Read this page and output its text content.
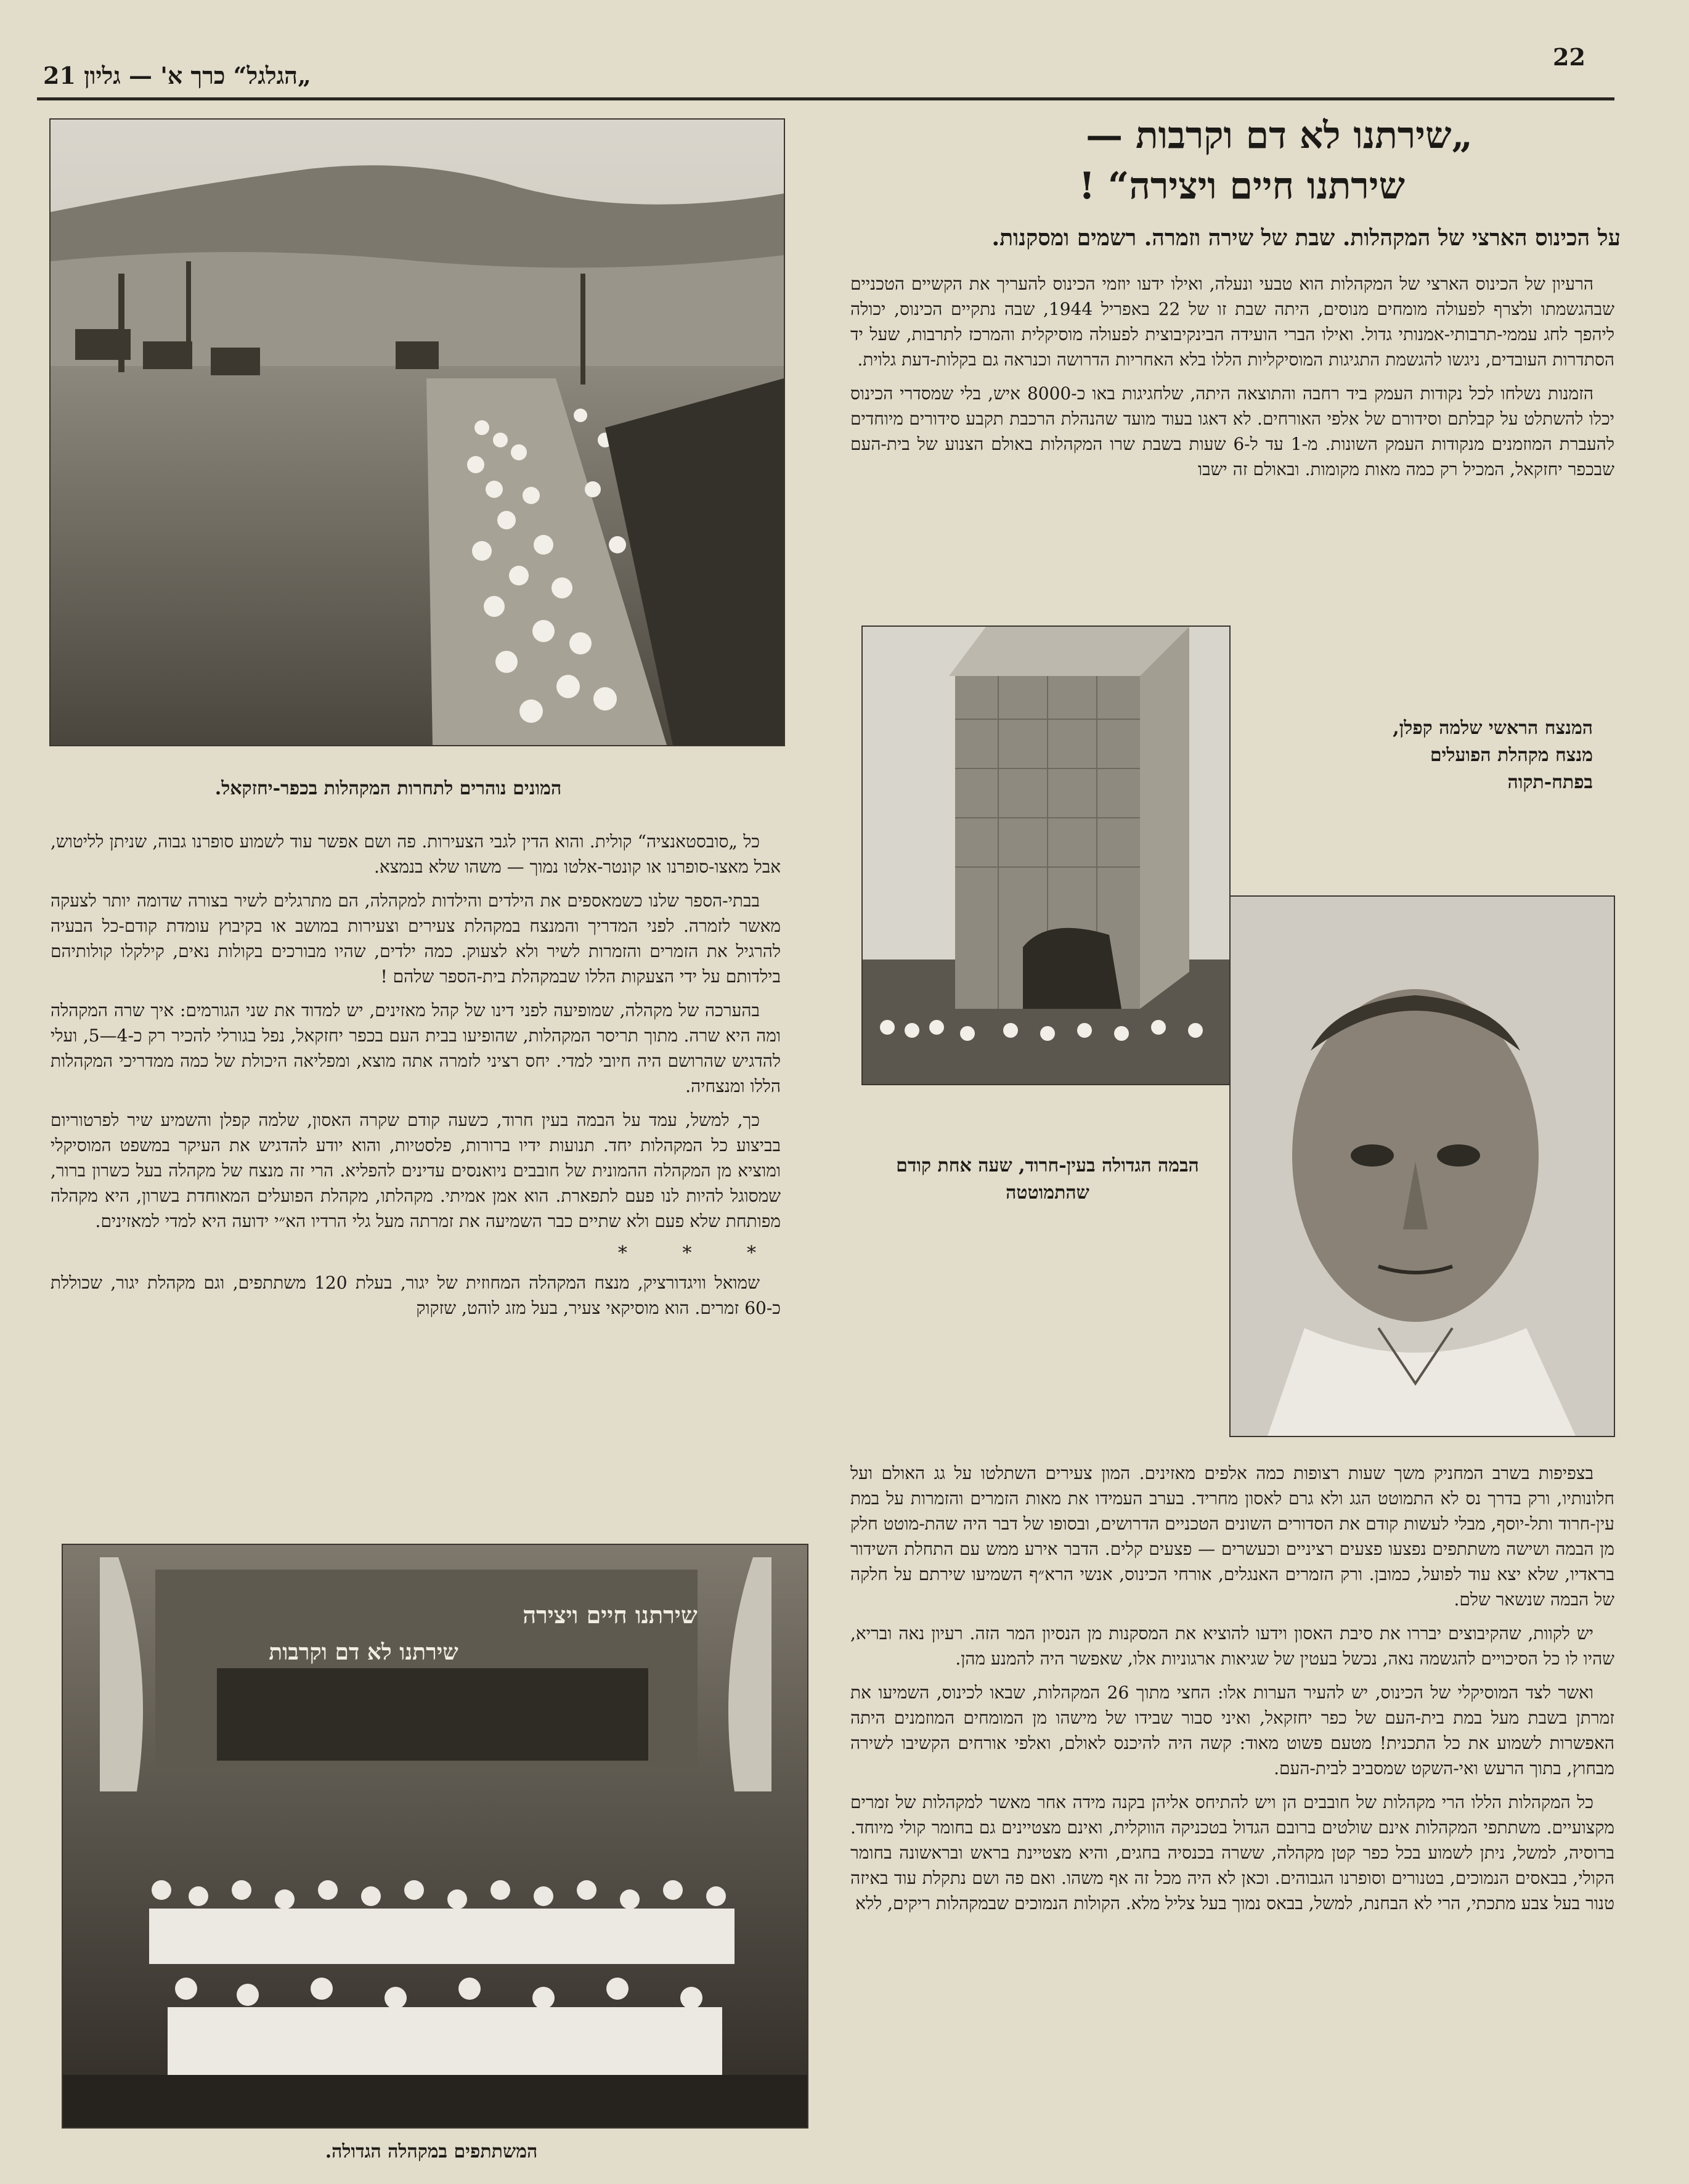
22
„הגלגל“ כרך א' — גליון 21
„שירתנו לא דם וקרבות —
שירתנו חיים ויצירה“ !
על הכינוס הארצי של המקהלות. שבת של שירה וזמרה. רשמים ומסקנות.

הרעיון של הכינוס הארצי של המקהלות הוא טבעי ונעלה, ואילו ידעו יוזמי הכינוס להעריך את הקשיים הטכניים שבהגשמתו ולצרף לפעולה מומחים מנוסים, היתה שבת זו של 22 באפריל 1944, שבה נתקיים הכינוס, יכולה ליהפך לחג עממי-תרבותי-אמנותי גדול. ואילו הברי הועידה הבינקיבוצית לפעולה מוסיקלית והמרכז לתרבות, שעל יד הסתדרות העובדים, ניגשו להגשמת התגיגות המוסיקליות הללו בלא האחריות הדרושה וכנראה גם בקלות-דעת גלוית.

הזמנות נשלחו לכל נקודות העמק ביד רחבה והתוצאה היתה, שלחגיגות באו כ-8000 איש, בלי שמסדרי הכינוס יכלו להשתלט על קבלתם וסידורם של אלפי האורחים. לא דאגו בעוד מועד שהנהלת הרכבת תקבע סידורים מיוחדים להעברת המוזמנים מנקודות העמק השונות. מ-1 עד ל-6 שעות בשבת שרו המקהלות באולם הצנוע של בית-העם שבכפר יחזקאל, המכיל רק כמה מאות מקומות. ובאולם זה ישבו

המונים נוהרים לתחרות המקהלות בכפר-יחזקאל.
הבמה הגדולה בעין-חרוד, שעה אחת קודם שהתמוטטה
המנצח הראשי שלמה קפלן, מנצח מקהלת הפועלים בפתח-תקוה

בצפיפות בשרב המחניק משך שעות רצופות כמה אלפים מאזינים. המון צעירים השתלטו על גג האולם ועל חלונותיו, ורק בדרך נס לא התמוטט הגג ולא גרם לאסון מחריד. בערב העמידו את מאות הזמרים והזמרות על במת עין-חרוד ותל-יוסף, מבלי לעשות קודם את הסדורים השונים הטכניים הדרושים, ובסופו של דבר היה שהת-מוטט חלק מן הבמה ושישה משתתפים נפצעו פצעים רציניים וכעשרים — פצעים קלים. הדבר אירע ממש עם התחלת השידור בראדיו, שלא יצא עוד לפועל, כמובן. ורק הזמרים האנגלים, אורחי הכינוס, אנשי הרא״ף השמיעו שירתם על חלקה של הבמה שנשאר שלם.

יש לקוות, שהקיבוצים יבררו את סיבת האסון וידעו להוציא את המסקנות מן הנסיון המר הזה. רעיון נאה ובריא, שהיו לו כל הסיכויים להגשמה נאה, נכשל בעטין של שגיאות ארגוניות אלו, שאפשר היה להמנע מהן.

ואשר לצד המוסיקלי של הכינוס, יש להעיר הערות אלו: החצי מתוך 26 המקהלות, שבאו לכינוס, השמיעו את זמרתן בשבת מעל במת בית-העם של כפר יחזקאל, ואיני סבור שבידו של מישהו מן המומחים המוזמנים היתה האפשרות לשמוע את כל התכנית! מטעם פשוט מאוד: קשה היה להיכנס לאולם, ואלפי אורחים הקשיבו לשירה מבחוץ, בתוך הרעש ואי-השקט שמסביב לבית-העם.

כל המקהלות הללו הרי מקהלות של חובבים הן ויש להתיחס אליהן בקנה מידה אחר מאשר למקהלות של זמרים מקצועיים. משתתפי המקהלות אינם שולטים ברובם הגדול בטכניקה הווקלית, ואינם מצטיינים גם בחומר קולי מיוחד. ברוסיה, למשל, ניתן לשמוע בכל כפר קטן מקהלה, ששרה בכנסיה בחגים, והיא מצטיינת בראש ובראשונה בחומר הקולי, בבאסים הנמוכים, בטנורים וסופרנו הגבוהים. וכאן לא היה מכל זה אף משהו. ואם פה ושם נתקלת עוד באיזה טנור בעל צבע מתכתי, הרי לא הבחנת, למשל, בבאס נמוך בעל צליל מלא. הקולות הנמוכים שבמקהלות ריקים, ללא

כל „סובסטאנציה“ קולית. והוא הדין לגבי הצעירות. פה ושם אפשר עוד לשמוע סופרנו גבוה, שניתן לליטוש, אבל מאצו-סופרנו או קונטר-אלטו נמוך — משהו שלא בנמצא.

בבתי-הספר שלנו כשמאספים את הילדים והילדות למקהלה, הם מתרגלים לשיר בצורה שדומה יותר לצעקה מאשר לזמרה. לפני המדריך והמנצח במקהלת צעירים וצעירות במושב או בקיבוץ עומדת קודם-כל הבעיה להרגיל את הזמרים והזמרות לשיר ולא לצעוק. כמה ילדים, שהיו מבורכים בקולות נאים, קילקלו קולותיהם בילדותם על ידי הצעקות הללו שבמקהלת בית-הספר שלהם !

בהערכה של מקהלה, שמופיעה לפני דינו של קהל מאזינים, יש למדוד את שני הגורמים: איך שרה המקהלה ומה היא שרה. מתוך תריסר המקהלות, שהופיעו בבית העם בכפר יחזקאל, נפל בגורלי להכיר רק כ-4—5, ועלי להדגיש שהרושם היה חיובי למדי. יחס רציני לזמרה אתה מוצא, ומפליאה היכולת של כמה ממדריכי המקהלות הללו ומנצחיה.

כך, למשל, עמד על הבמה בעין חרוד, כשעה קודם שקרה האסון, שלמה קפלן והשמיע שיר לפרטוריום בביצוע כל המקהלות יחד. תנועות ידיו ברורות, פלסטיות, והוא יודע להדגיש את העיקר במשפט המוסיקלי ומוציא מן המקהלה ההמונית של חובבים ניואנסים עדינים להפליא. הרי זה מנצח של מקהלה בעל כשרון ברור, שמסוגל להיות לנו פעם לתפארת. הוא אמן אמיתי. מקהלתו, מקהלת הפועלים המאוחדת בשרון, היא מקהלה מפותחת שלא פעם ולא שתיים כבר השמיעה את זמרתה מעל גלי הרדיו הא״י ידועה היא למדי למאזינים.

* * *

שמואל וויגדורציק, מנצח המקהלה המחוזית של יגור, בעלת 120 משתתפים, וגם מקהלת יגור, שכוללת כ-60 זמרים. הוא מוסיקאי צעיר, בעל מזג לוהט, שזקוק

שירתנו חיים ויצירה
שירתנו לא דם וקרבות
המשתתפים במקהלה הגדולה.
